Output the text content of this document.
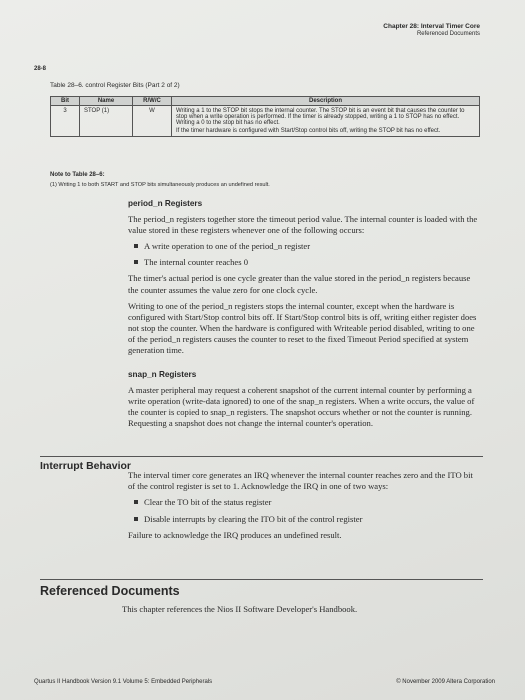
Chapter 28: Interval Timer Core
Referenced Documents
28-8
Table 28–6. control Register Bits (Part 2 of 2)
Bit	Name	R/W/C	Description
3	STOP (1)	W	Writing a 1 to the STOP bit stops the internal counter. The STOP bit is an event bit that causes the counter to stop when a write operation is performed. If the timer is already stopped, writing a 1 to STOP has no effect. Writing a 0 to the stop bit has no effect.
If the timer hardware is configured with Start/Stop control bits off, writing the STOP bit has no effect.
Note to Table 28–6:
(1) Writing 1 to both START and STOP bits simultaneously produces an undefined result.
period_n Registers

The period_n registers together store the timeout period value. The internal counter is loaded with the value stored in these registers whenever one of the following occurs:

A write operation to one of the period_n register
The internal counter reaches 0

The timer's actual period is one cycle greater than the value stored in the period_n registers because the counter assumes the value zero for one clock cycle.

Writing to one of the period_n registers stops the internal counter, except when the hardware is configured with Start/Stop control bits off. If Start/Stop control bits is off, writing either register does not stop the counter. When the hardware is configured with Writeable period disabled, writing to one of the period_n registers causes the counter to reset to the fixed Timeout Period specified at system generation time.

snap_n Registers

A master peripheral may request a coherent snapshot of the current internal counter by performing a write operation (write-data ignored) to one of the snap_n registers. When a write occurs, the value of the counter is copied to snap_n registers. The snapshot occurs whether or not the counter is running. Requesting a snapshot does not change the internal counter's operation.

Interrupt Behavior

The interval timer core generates an IRQ whenever the internal counter reaches zero and the ITO bit of the control register is set to 1. Acknowledge the IRQ in one of two ways:

Clear the TO bit of the status register
Disable interrupts by clearing the ITO bit of the control register

Failure to acknowledge the IRQ produces an undefined result.

Referenced Documents

This chapter references the Nios II Software Developer's Handbook.

Quartus II Handbook Version 9.1 Volume 5: Embedded Peripherals	© November 2009 Altera Corporation
